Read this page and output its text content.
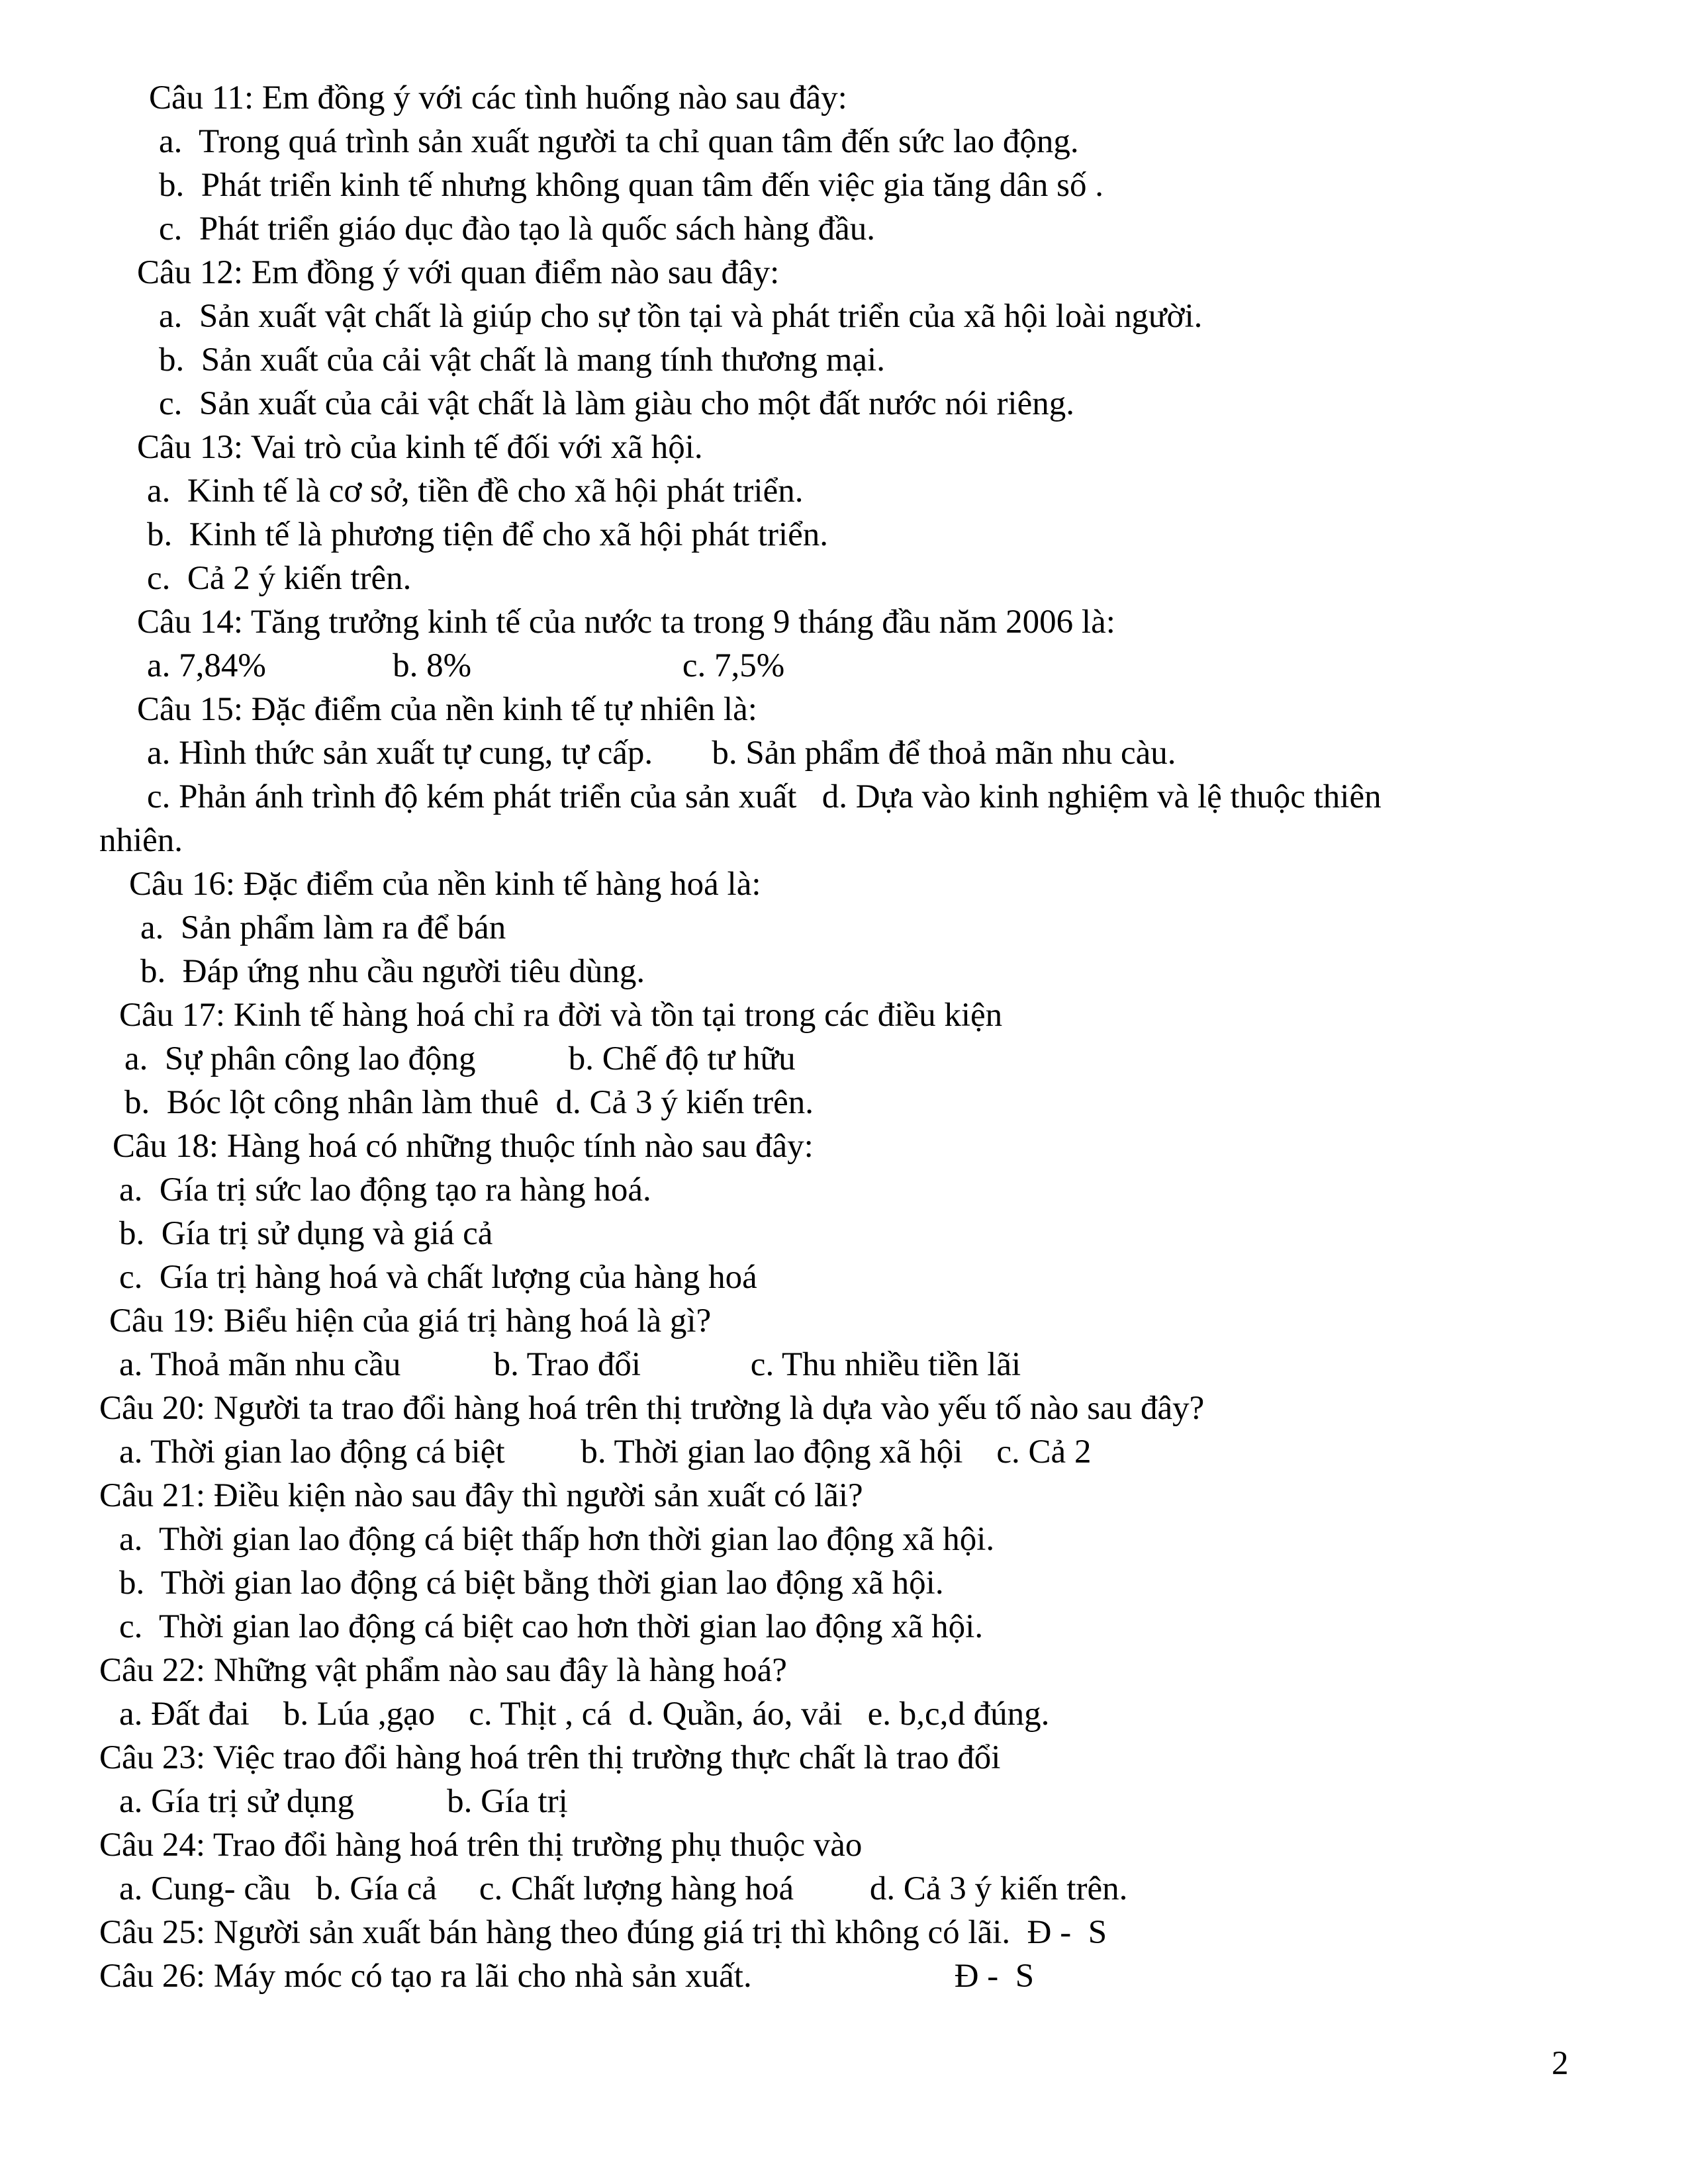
Câu 11: Em đồng ý với các tình huống nào sau đây:
a.  Trong quá trình sản xuất người ta chỉ quan tâm đến sức lao động.
b.  Phát triển kinh tế nhưng không quan tâm đến việc gia tăng dân số .
c.  Phát triển giáo dục đào tạo là quốc sách hàng đầu.
Câu 12: Em đồng ý với quan điểm nào sau đây:
a.  Sản xuất vật chất là giúp cho sự tồn tại và phát triển của xã hội loài người.
b.  Sản xuất của cải vật chất là mang tính thương mại.
c.  Sản xuất của cải vật chất là làm giàu cho một đất nước nói riêng.
Câu 13: Vai trò của kinh tế đối với xã hội.
a.  Kinh tế là cơ sở, tiền đề cho xã hội phát triển.
b.  Kinh tế là phương tiện để cho xã hội phát triển.
c.  Cả 2 ý kiến trên.
Câu 14: Tăng trưởng kinh tế của nước ta trong 9 tháng đầu năm 2006 là:
a. 7,84%               b. 8%                         c. 7,5%
Câu 15: Đặc điểm của nền kinh tế tự nhiên là:
a. Hình thức sản xuất tự cung, tự cấp.       b. Sản phẩm để thoả mãn nhu càu.
c. Phản ánh trình độ kém phát triển của sản xuất   d. Dựa vào kinh nghiệm và lệ thuộc thiên
nhiên.
Câu 16: Đặc điểm của nền kinh tế hàng hoá là:
a.  Sản phẩm làm ra để bán
b.  Đáp ứng nhu cầu người tiêu dùng.
Câu 17: Kinh tế hàng hoá chỉ ra đời và tồn tại trong các điều kiện
a.  Sự phân công lao động           b. Chế độ tư hữu
b.  Bóc lột công nhân làm thuê  d. Cả 3 ý kiến trên.
Câu 18: Hàng hoá có những thuộc tính nào sau đây:
a.  Gía trị sức lao động tạo ra hàng hoá.
b.  Gía trị sử dụng và giá cả
c.  Gía trị hàng hoá và chất lượng của hàng hoá
Câu 19: Biểu hiện của giá trị hàng hoá là gì?
a. Thoả mãn nhu cầu           b. Trao đổi             c. Thu nhiều tiền lãi
Câu 20: Người ta trao đổi hàng hoá trên thị trường là dựa vào yếu tố nào sau đây?
a. Thời gian lao động cá biệt         b. Thời gian lao động xã hội    c. Cả 2
Câu 21: Điều kiện nào sau đây thì người sản xuất có lãi?
a.  Thời gian lao động cá biệt thấp hơn thời gian lao động xã hội.
b.  Thời gian lao động cá biệt bằng thời gian lao động xã hội.
c.  Thời gian lao động cá biệt cao hơn thời gian lao động xã hội.
Câu 22: Những vật phẩm nào sau đây là hàng hoá?
a. Đất đai    b. Lúa ,gạo    c. Thịt , cá  d. Quần, áo, vải   e. b,c,d đúng.
Câu 23: Việc trao đổi hàng hoá trên thị trường thực chất là trao đổi
a. Gía trị sử dụng           b. Gía trị
Câu 24: Trao đổi hàng hoá trên thị trường phụ thuộc vào
a. Cung- cầu   b. Gía cả     c. Chất lượng hàng hoá         d. Cả 3 ý kiến trên.
Câu 25: Người sản xuất bán hàng theo đúng giá trị thì không có lãi.  Đ -  S
Câu 26: Máy móc có tạo ra lãi cho nhà sản xuất.                        Đ -  S
2
